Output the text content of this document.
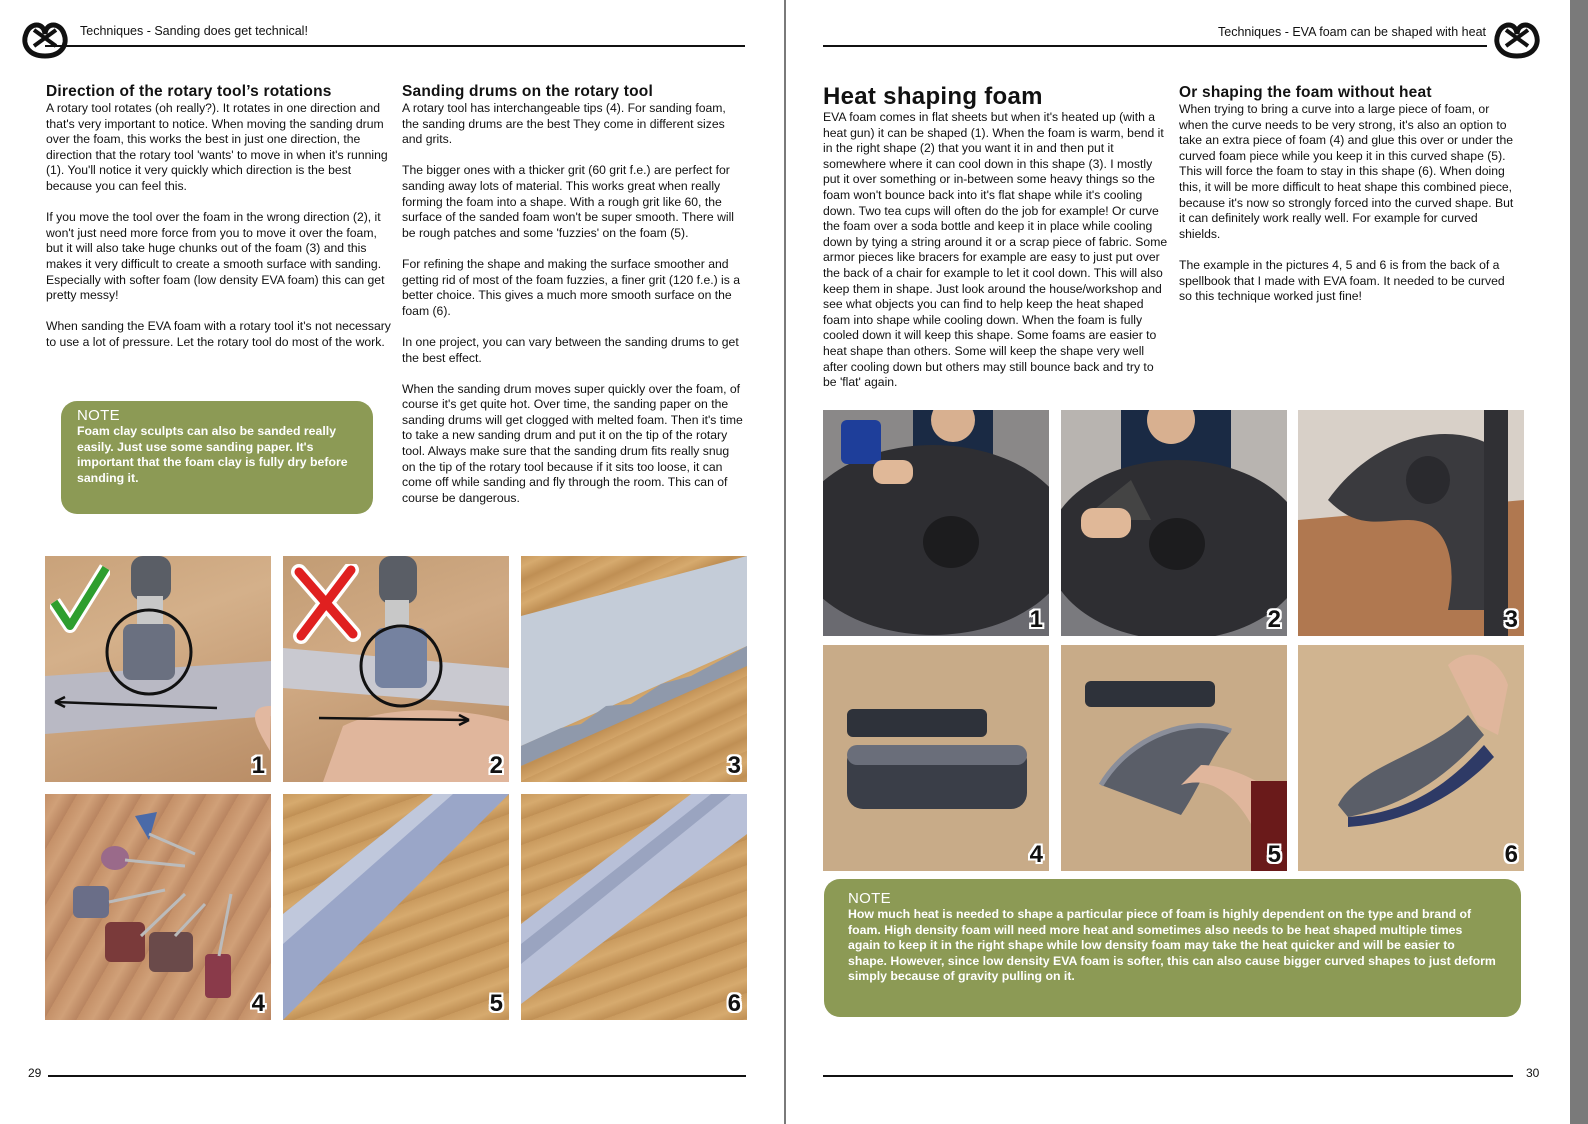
Techniques - Sanding does get technical!
Direction of the rotary tool’s rotations

A rotary tool rotates (oh really?). It rotates in one direction and that's very important to notice. When moving the sanding drum over the foam, this works the best in just one direction, the direction that the rotary tool 'wants' to move in when it's running (1). You'll notice it very quickly which direction is the best because you can feel this.

If you move the tool over the foam in the wrong direction (2), it won't just need more force from you to move it over the foam, but it will also take huge chunks out of the foam (3) and this makes it very difficult to create a smooth surface with sanding. Especially with softer foam (low density EVA foam) this can get pretty messy!

When sanding the EVA foam with a rotary tool it's not necessary to use a lot of pressure. Let the rotary tool do most of the work.

NOTE
Foam clay sculpts can also be sanded really easily. Just use some sanding paper. It's important that the foam clay is fully dry before sanding it.
Sanding drums on the rotary tool

A rotary tool has interchangeable tips (4). For sanding foam, the sanding drums are the best They come in different sizes and grits.

The bigger ones with a thicker grit (60 grit f.e.) are perfect for sanding away lots of material. This works great when really forming the foam into a shape. With a rough grit like 60, the surface of the sanded foam won't be super smooth. There will be rough patches and some 'fuzzies' on the foam (5).

For refining the shape and making the surface smoother and getting rid of most of the foam fuzzies, a finer grit (120 f.e.) is a better choice. This gives a much more smooth surface on the foam (6).

In one project, you can vary between the sanding drums to get the best effect.

When the sanding drum moves super quickly over the foam, of course it's get quite hot. Over time, the sanding paper on the sanding drums will get clogged with melted foam. Then it's time to take a new sanding drum and put it on the tip of the rotary tool. Always make sure that the sanding drum fits really snug on the tip of the rotary tool because if it sits too loose, it can come off while sanding and fly through the room. This can of course be dangerous.

1	2	3
4	5	6
29
Techniques - EVA foam can be shaped with heat
Heat shaping foam

EVA foam comes in flat sheets but when it's heated up (with a heat gun) it can be shaped (1). When the foam is warm, bend it in the right shape (2) that you want it in and then put it somewhere where it can cool down in this shape (3). I mostly put it over something or in-between some heavy things so the foam won't bounce back into it's flat shape while it's cooling down. Two tea cups will often do the job for example! Or curve the foam over a soda bottle and keep it in place while cooling down by tying a string around it or a scrap piece of fabric. Some armor pieces like bracers for example are easy to just put over the back of a chair for example to let it cool down. This will also keep them in shape. Just look around the house/workshop and see what objects you can find to help keep the heat shaped foam into shape while cooling down. When the foam is fully cooled down it will keep this shape. Some foams are easier to heat shape than others. Some will keep the shape very well after cooling down but others may still bounce back and try to be 'flat' again.

Or shaping the foam without heat

When trying to bring a curve into a large piece of foam, or when the curve needs to be very strong, it's also an option to take an extra piece of foam (4) and glue this over or under the curved foam piece while you keep it in this curved shape (5). This will force the foam to stay in this shape (6). When doing this, it will be more difficult to heat shape this combined piece, because it's now so strongly forced into the curved shape. But it can definitely work really well. For example for curved shields.

The example in the pictures 4, 5 and 6 is from the back of a spellbook that I made with EVA foam. It needed to be curved so this technique worked just fine!

1	2	3
4	5	6
NOTE
How much heat is needed to shape a particular piece of foam is highly dependent on the type and brand of foam. High density foam will need more heat and sometimes also needs to be heat shaped multiple times again to keep it in the right shape while low density foam may take the heat quicker and will be easier to shape. However, since low density EVA foam is softer, this can also cause bigger curved shapes to just deform simply because of gravity pulling on it.
30
